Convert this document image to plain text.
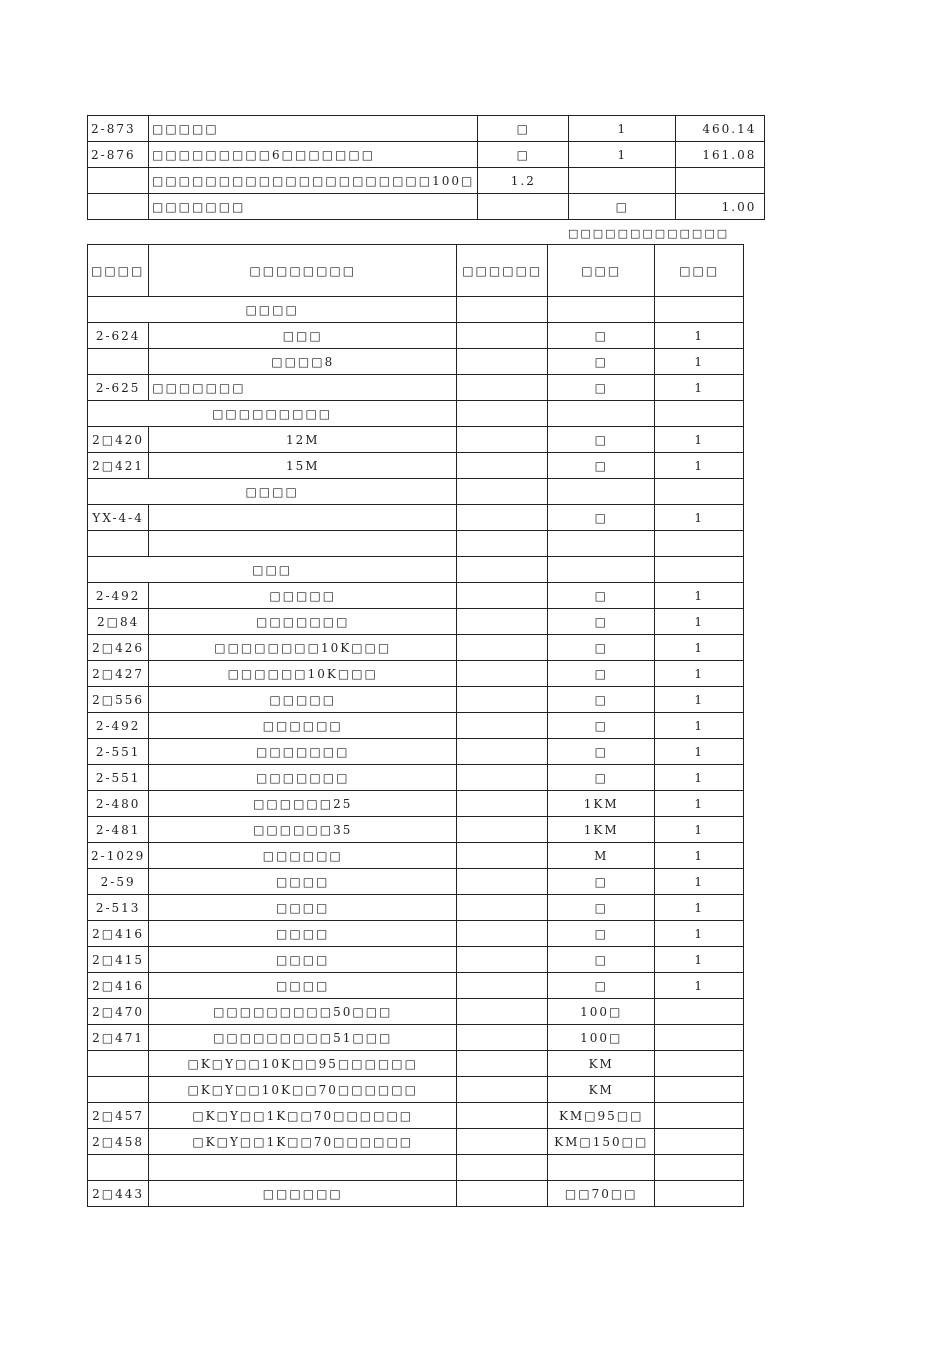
2-873	□□□□□	□	1	460.14
2-876	□□□□□□□□□6□□□□□□□	□	1	161.08
	□□□□□□□□□□□□□□□□□□□□□100□	1.2		
	□□□□□□□		□	1.00
□□□□□□□□□□□□□
□□□□	□□□□□□□□	□□□□□□	□□□	□□□
□□□□				
2-624	□□□		□	1
	□□□□8		□	1
2-625	□□□□□□□		□	1
□□□□□□□□□				
2□420	12M		□	1
2□421	15M		□	1
□□□□				
YX-4-4			□	1

□□□				
2-492	□□□□□		□	1
2□84	□□□□□□□		□	1
2□426	□□□□□□□□10K□□□		□	1
2□427	□□□□□□10K□□□		□	1
2□556	□□□□□		□	1
2-492	□□□□□□		□	1
2-551	□□□□□□□		□	1
2-551	□□□□□□□		□	1
2-480	□□□□□□25		1KM	1
2-481	□□□□□□35		1KM	1
2-1029	□□□□□□		M	1
2-59	□□□□		□	1
2-513	□□□□		□	1
2□416	□□□□		□	1
2□415	□□□□		□	1
2□416	□□□□		□	1
2□470	□□□□□□□□□50□□□		100□	
2□471	□□□□□□□□□51□□□		100□	
	□K□Y□□10K□□95□□□□□□		KM	
	□K□Y□□10K□□70□□□□□□		KM	
2□457	□K□Y□□1K□□70□□□□□□		KM□95□□	
2□458	□K□Y□□1K□□70□□□□□□		KM□150□□	

2□443	□□□□□□		□□70□□	
